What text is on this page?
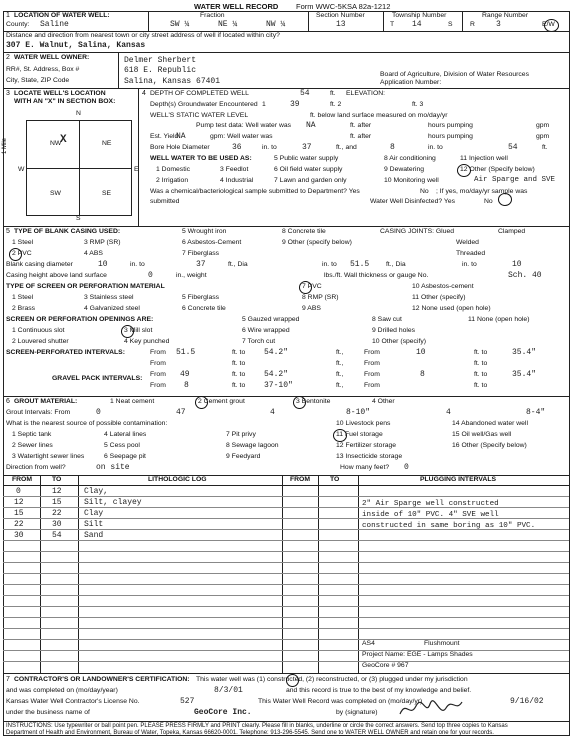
WATER WELL RECORD Form WWC-5 KSA 82a-1212
1 LOCATION OF WATER WELL:
County: Saline
Fraction
SW ¼	NE ¼	NW ¼
Section Number
13
Township Number
T 14	S
Range Number
R	3	E/W
Distance and direction from nearest town or city street address of well if located within city?
307 E. Walnut, Salina, Kansas
2 WATER WELL OWNER:	Delmer Sherbert
RR#, St. Address, Box #	618 E. Republic
City, State, ZIP Code	Salina, Kansas 67401
Board of Agriculture, Division of Water Resources
Application Number:
3 LOCATE WELL'S LOCATION
WITH AN "X" IN SECTION BOX:
N
NW
X	NE
SW	SE
W	E
S
1 Mile
4 DEPTH OF COMPLETED WELL	54	ft. ELEVATION:
Depth(s) Groundwater Encountered 1	39	ft. 2	ft. 3
WELL'S STATIC WATER LEVEL	ft. below land surface measured on mo/day/yr
Pump test data: Well water was NA	ft. after	hours pumping	gpm
Est. Yield
NA	gpm: Well water was	ft. after	hours pumping	gpm
Bore Hole Diameter	36	in. to	37	ft., and	8	in. to	54	ft.
WELL WATER TO BE USED AS:	5 Public water supply	8 Air conditioning	11 Injection well
1 Domestic	3 Feedlot	6 Oil field water supply	9 Dewatering	12 Other (Specify below)
2 Irrigation	4 Industrial	7 Lawn and garden only	10 Monitoring well	Air Sparge and SVE
Was a chemical/bacteriological sample submitted to Department? Yes	No ; If yes, mo/day/yr sample was
submitted	Water Well Disinfected? Yes	No
5 TYPE OF BLANK CASING USED:	5 Wrought iron	8 Concrete tile	CASING JOINTS: Glued	Clamped
1 Steel	3 RMP (SR)	6 Asbestos-Cement	9 Other (specify below)	Welded
2 PVC	4 ABS	7 Fiberglass	Threaded
Blank casing diameter	10	in. to	37	ft., Dia	in. to 51.5 ft., Dia	in. to	10
Casing height above land surface	0	in., weight	lbs./ft. Wall thickness or gauge No.	Sch. 40
TYPE OF SCREEN OR PERFORATION MATERIAL	7 PVC	10 Asbestos-cement
1 Steel	3 Stainless steel	5 Fiberglass	8 RMP (SR)	11 Other (specify)
2 Brass	4 Galvanized steel	6 Concrete tile	9 ABS	12 None used (open hole)
SCREEN OR PERFORATION OPENINGS ARE:	5 Gauzed wrapped	8 Saw cut	11 None (open hole)
1 Continuous slot	3 Mill slot	6 Wire wrapped	9 Drilled holes
2 Louvered shutter	4 Key punched	7 Torch cut	10 Other (specify)
SCREEN-PERFORATED INTERVALS:	From 51.5	ft. to 54.2"	ft.,	From	10	ft. to	35.4"
From	ft. to	ft.,	From	ft. to
GRAVEL PACK INTERVALS:
From 49	ft. to 54.2"	ft.,	From	8	ft. to	35.4"
From 8	ft. to 37-10"	ft.,	From	ft. to
6 GROUT MATERIAL:	1 Neat cement	2 Cement grout	3 Bentonite	4 Other
Grout Intervals: From	0	47	4	8-10"	4	8-4"
What is the nearest source of possible contamination:	10 Livestock pens	14 Abandoned water well
1 Septic tank	4 Lateral lines	7 Pit privy	11 Fuel storage	15 Oil well/Gas well
2 Sewer lines	5 Cess pool	8 Sewage lagoon	12 Fertilizer storage	16 Other (Specify below)
3 Watertight sewer lines	6 Seepage pit	9 Feedyard	13 Insecticide storage
Direction from well?	on site	How many feet? 0
FROM	TO	LITHOLOGIC LOG	FROM	TO	PLUGGING INTERVALS
0	12	Clay,
12	15	Silt, clayey
15	22	Clay
22	30	Silt
30	54	Sand
2" Air Sparge well constructed
inside of 10" PVC. 4" SVE well
constructed in same boring as 10" PVC.
AS4	Flushmount
Project Name: EGE - Lamps Shades
GeoCore # 967
7 CONTRACTOR'S OR LANDOWNER'S CERTIFICATION: This water well was (1) constructed, (2) reconstructed, or (3) plugged under my jurisdiction
and was completed on (mo/day/year)	8/3/01	and this record is true to the best of my knowledge and belief.
Kansas Water Well Contractor's License No.	527	This Water Well Record was completed on (mo/day/yr)	9/16/02
under the business name of	GeoCore Inc.	by (signature)
INSTRUCTIONS: Use typewriter or ball point pen. PLEASE PRESS FIRMLY and PRINT clearly. Please fill in blanks, underline or circle the correct answers. Send top three copies to Kansas
Department of Health and Environment, Bureau of Water, Topeka, Kansas 66620-0001. Telephone: 913-296-5545. Send one to WATER WELL OWNER and retain one for your records.
